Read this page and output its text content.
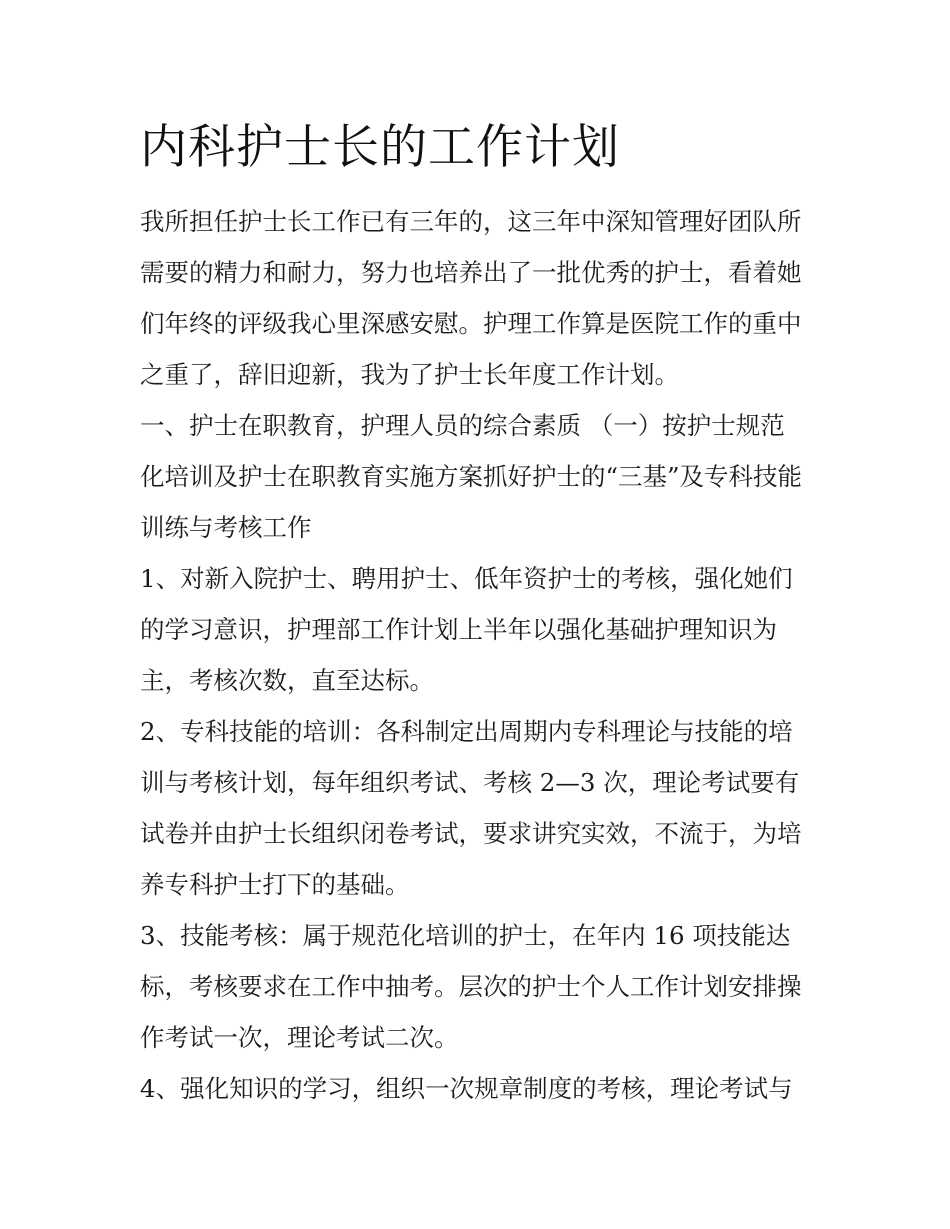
内科护士长的工作计划
我所担任护士长工作已有三年的，这三年中深知管理好团队所
需要的精力和耐力，努力也培养出了一批优秀的护士，看着她
们年终的评级我心里深感安慰。护理工作算是医院工作的重中
之重了，辞旧迎新，我为了护士长年度工作计划。
一、护士在职教育，护理人员的综合素质 （一）按护士规范
化培训及护士在职教育实施方案抓好护士的“三基”及专科技能
训练与考核工作
1、对新入院护士、聘用护士、低年资护士的考核，强化她们
的学习意识，护理部工作计划上半年以强化基础护理知识为
主，考核次数，直至达标。
2、专科技能的培训：各科制定出周期内专科理论与技能的培
训与考核计划，每年组织考试、考核 2—3 次，理论考试要有
试卷并由护士长组织闭卷考试，要求讲究实效，不流于，为培
养专科护士打下的基础。
3、技能考核：属于规范化培训的护士，在年内 16 项技能达
标，考核要求在工作中抽考。层次的护士个人工作计划安排操
作考试一次，理论考试二次。
4、强化知识的学习，组织一次规章制度的考核，理论考试与
